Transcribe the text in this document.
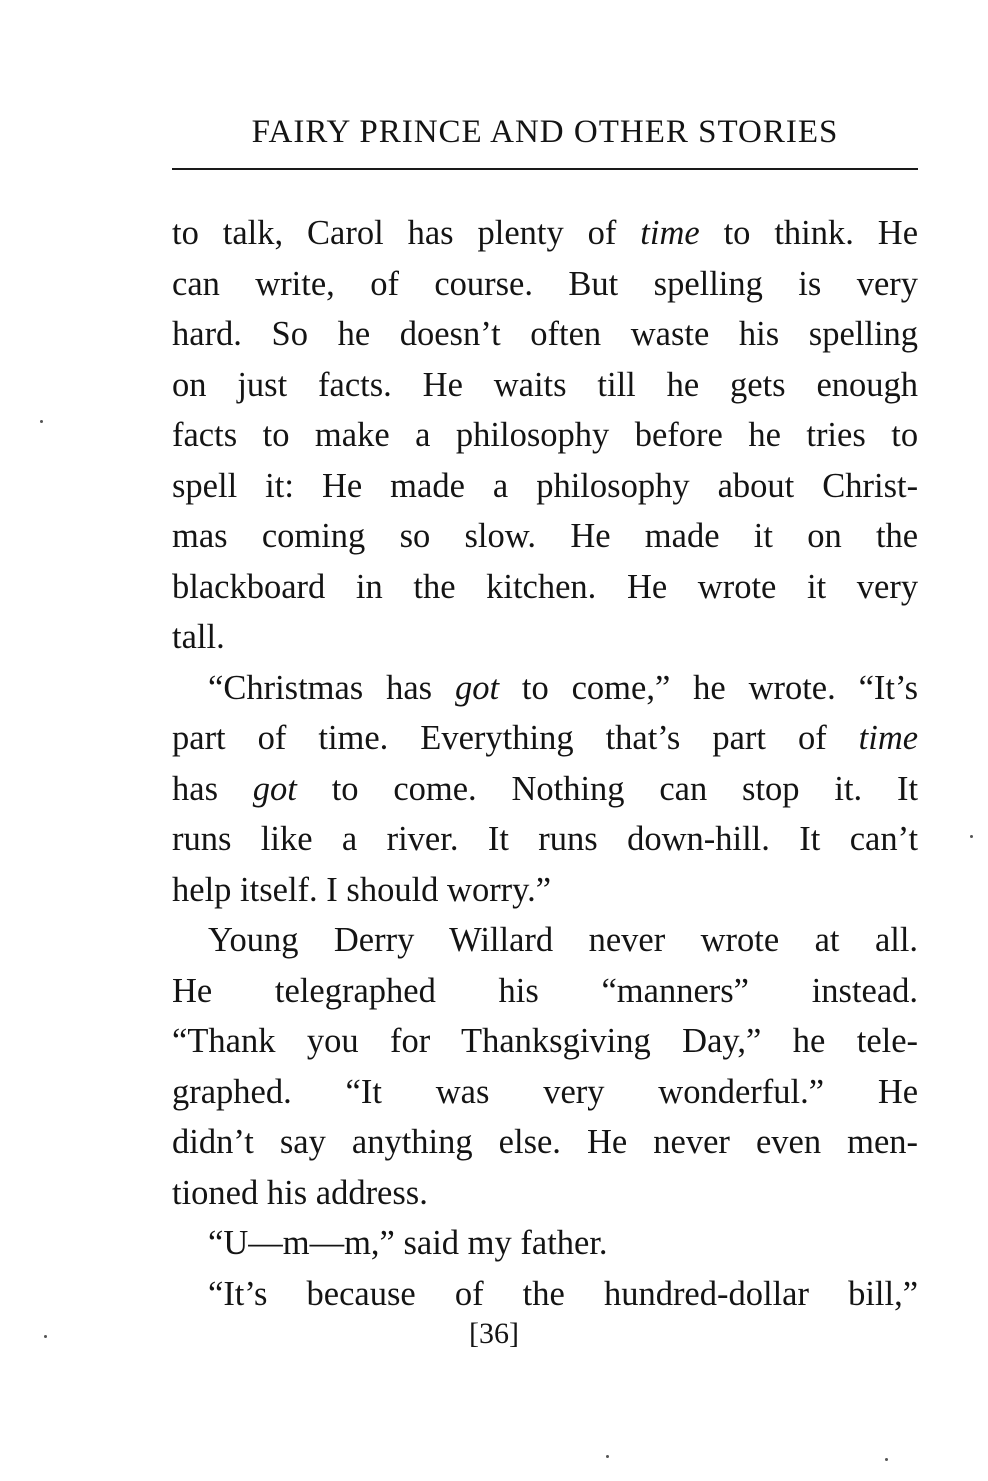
FAIRY PRINCE AND OTHER STORIES
to talk, Carol has plenty of time to think. He
can write, of course. But spelling is very
hard. So he doesn’t often waste his spelling
on just facts. He waits till he gets enough
facts to make a philosophy before he tries to
spell it: He made a philosophy about Christ-
mas coming so slow. He made it on the
blackboard in the kitchen. He wrote it very
tall.
“Christmas has got to come,” he wrote. “It’s
part of time. Everything that’s part of time
has got to come. Nothing can stop it. It
runs like a river. It runs down-hill. It can’t
help itself. I should worry.”
Young Derry Willard never wrote at all.
He telegraphed his “manners” instead.
“Thank you for Thanksgiving Day,” he tele-
graphed. “It was very wonderful.” He
didn’t say anything else. He never even men-
tioned his address.
“U—m—m,” said my father.
“It’s because of the hundred-dollar bill,”
[36]
